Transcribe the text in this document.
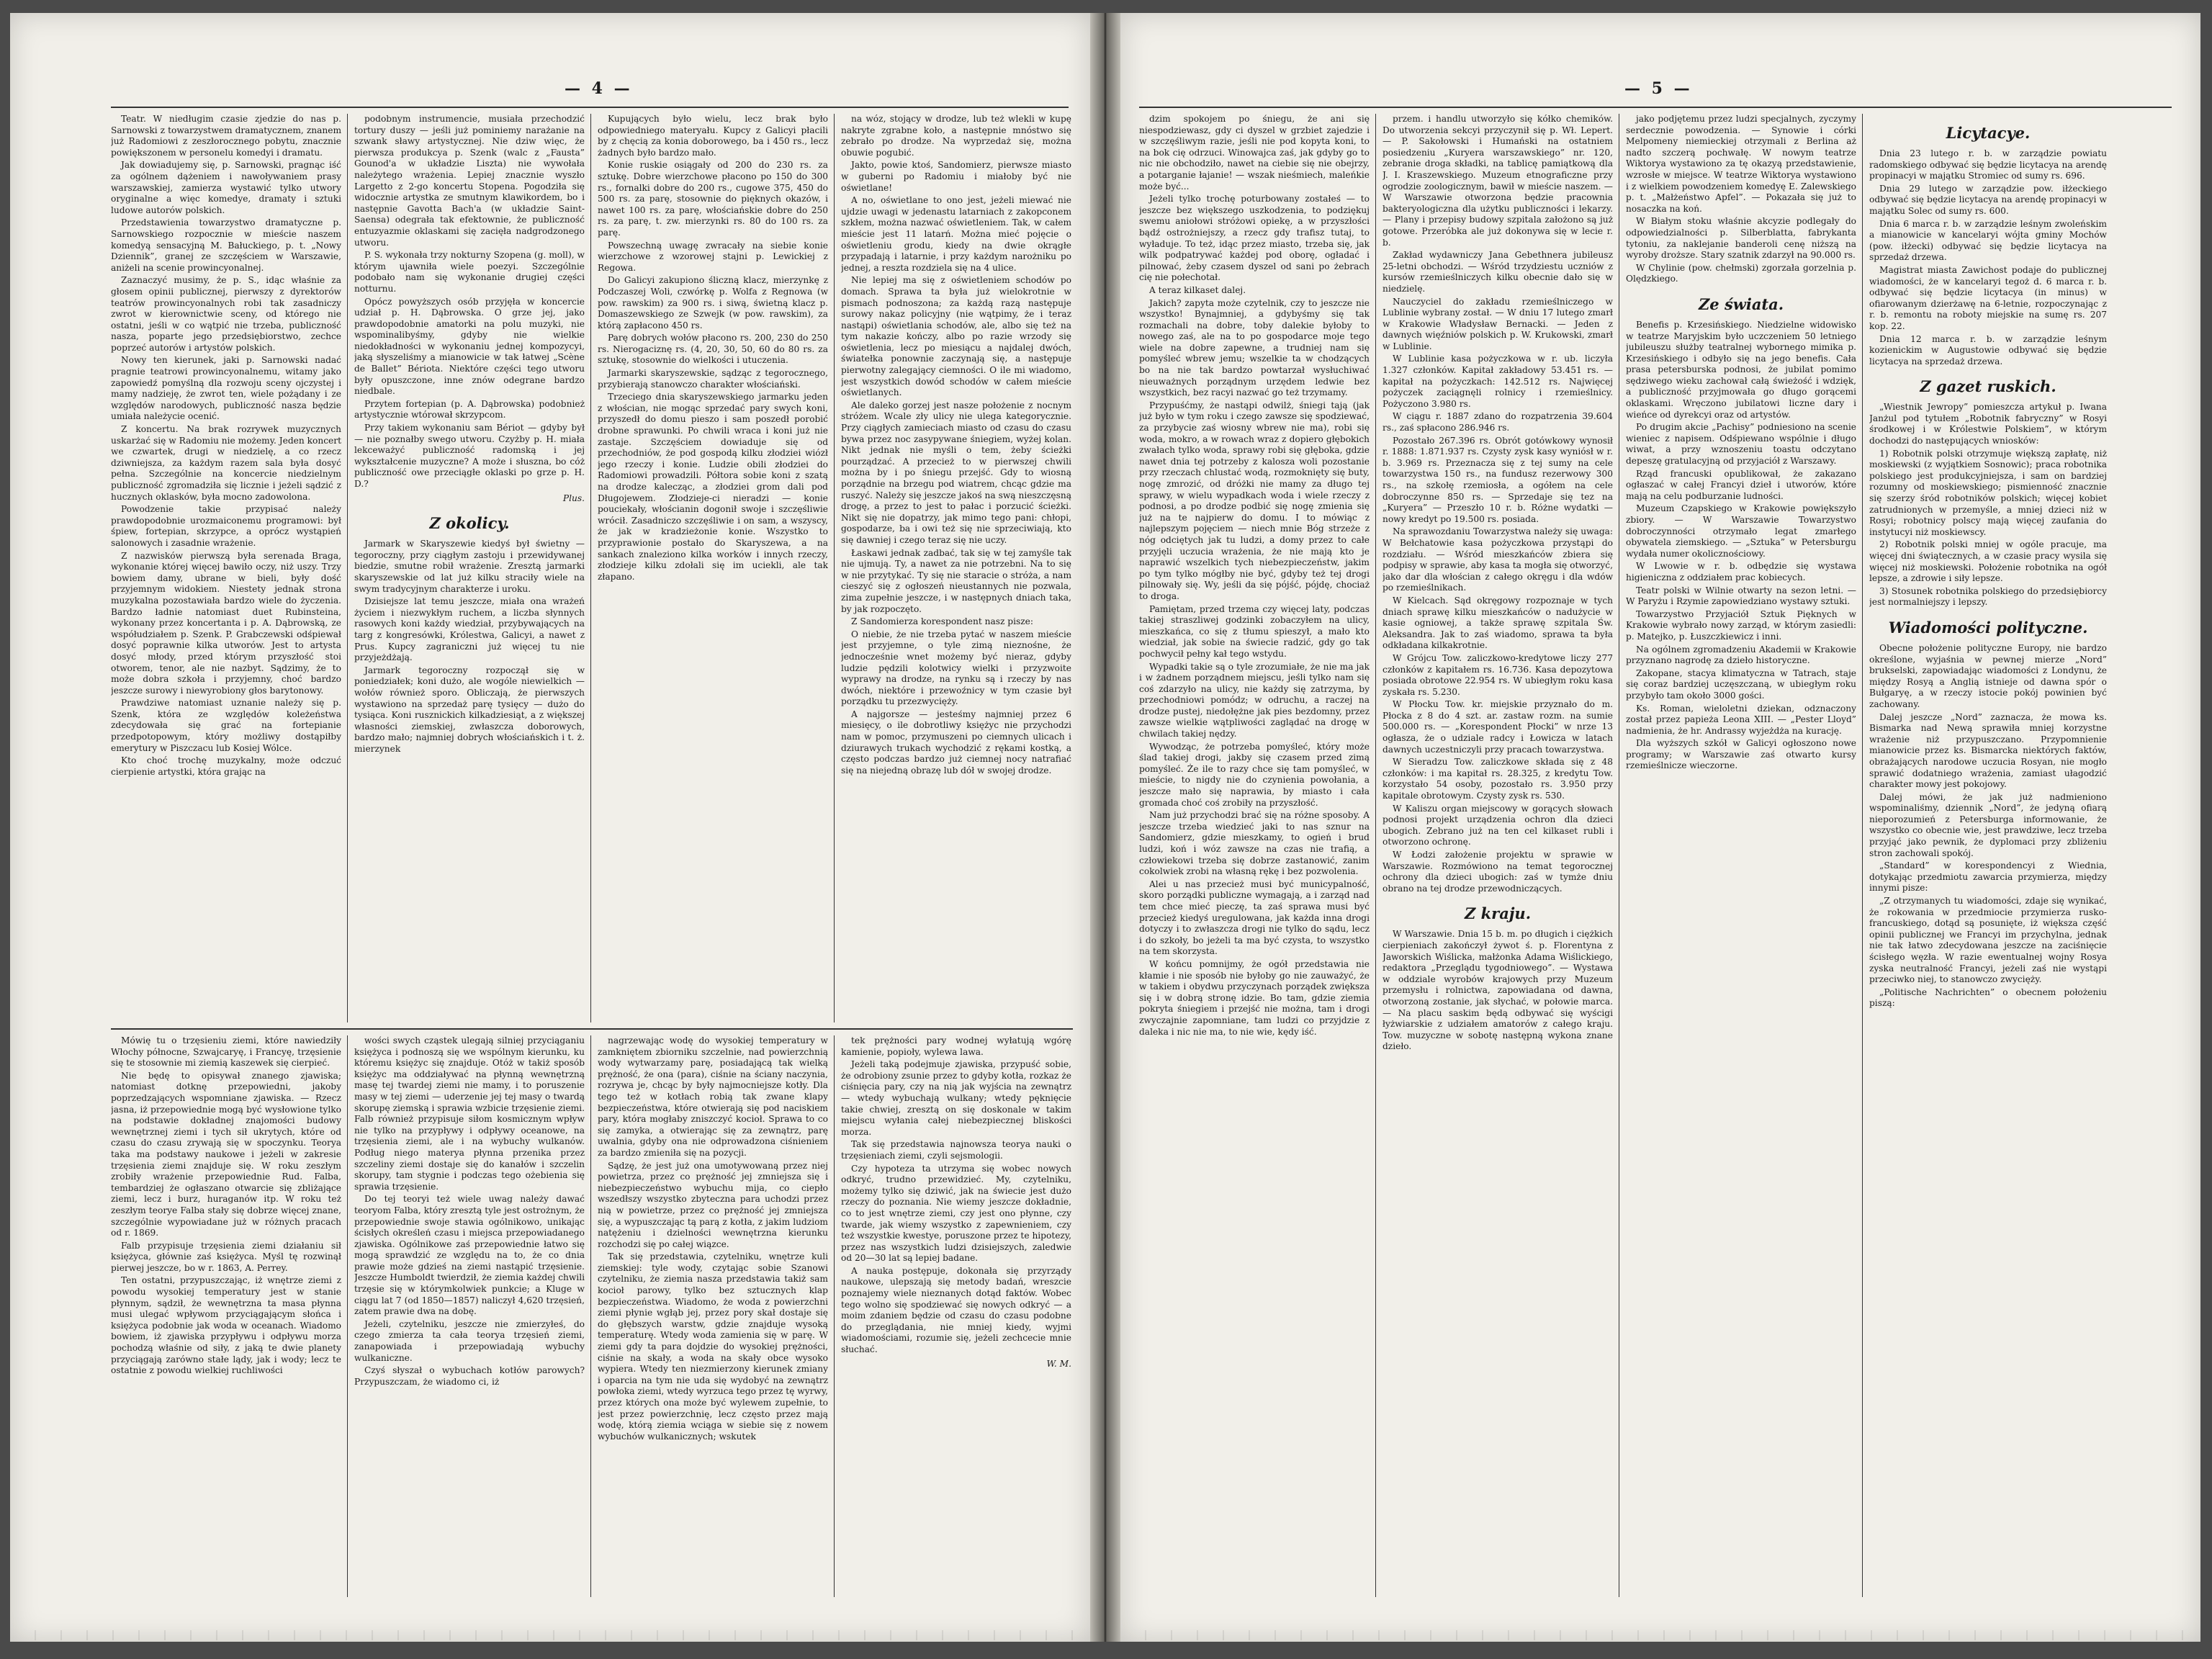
— 4 —

Teatr. W niedługim czasie zjedzie do nas p. Sarnowski z towarzystwem dramatycznem, znanem już Radomiowi z zeszłorocznego pobytu, znacznie powiększonem w personelu komedyi i dramatu.

Jak dowiadujemy się, p. Sarnowski, pragnąc iść za ogólnem dążeniem i nawoływaniem prasy warszawskiej, zamierza wystawić tylko utwory oryginalne a więc komedye, dramaty i sztuki ludowe autorów polskich.

Przedstawienia towarzystwo dramatyczne p. Sarnowskiego rozpocznie w mieście naszem komedyą sensacyjną M. Bałuckiego, p. t. „Nowy Dziennik”, granej ze szczęściem w Warszawie, aniżeli na scenie prowincyonalnej.

Zaznaczyć musimy, że p. S., idąc właśnie za głosem opinii publicznej, pierwszy z dyrektorów teatrów prowincyonalnych robi tak zasadniczy zwrot w kierownictwie sceny, od którego nie ostatni, jeśli w co wątpić nie trzeba, publiczność nasza, poparte jego przedsiębiorstwo, zechce poprzeć autorów i artystów polskich.

Nowy ten kierunek, jaki p. Sarnowski nadać pragnie teatrowi prowincyonalnemu, witamy jako zapowiedź pomyślną dla rozwoju sceny ojczystej i mamy nadzieję, że zwrot ten, wiele pożądany i ze względów narodowych, publiczność nasza będzie umiała należycie ocenić.

Z koncertu. Na brak rozrywek muzycznych uskarżać się w Radomiu nie możemy. Jeden koncert we czwartek, drugi w niedzielę, a co rzecz dziwniejsza, za każdym razem sala była dosyć pełna. Szczególnie na koncercie niedzielnym publiczność zgromadziła się licznie i jeżeli sądzić z hucznych oklasków, była mocno zadowolona.

Powodzenie takie przypisać należy prawdopodobnie urozmaiconemu programowi: był śpiew, fortepian, skrzypce, a oprócz wystąpień salonowych i zasadnie wrażenie.

Z nazwisków pierwszą była serenada Braga, wykonanie której więcej bawiło oczy, niż uszy. Trzy bowiem damy, ubrane w bieli, były dość przyjemnym widokiem. Niestety jednak strona muzykalna pozostawiała bardzo wiele do życzenia. Bardzo ładnie natomiast duet Rubinsteina, wykonany przez koncertanta i p. A. Dąbrowską, ze współudziałem p. Szenk. P. Grabczewski odśpiewał dosyć poprawnie kilka utworów. Jest to artysta dosyć młody, przed którym przyszłość stoi otworem, tenor, ale nie nazbyt. Sądzimy, że to może dobra szkoła i przyjemny, choć bardzo jeszcze surowy i niewyrobiony głos barytonowy.

Prawdziwe natomiast uznanie należy się p. Szenk, która ze względów koleżeństwa zdecydowała się grać na fortepianie przedpotopowym, który możliwy dostąpiłby emerytury w Piszczacu lub Kosiej Wólce.

Kto choć trochę muzykalny, może odczuć cierpienie artystki, która grając na

podobnym instrumencie, musiała przechodzić tortury duszy — jeśli już pominiemy narażanie na szwank sławy artystycznej. Nie dziw więc, że pierwsza produkcya p. Szenk (walc z „Fausta” Gounod'a w układzie Liszta) nie wywołała należytego wrażenia. Lepiej znacznie wyszło Largetto z 2-go koncertu Stopena. Pogodziła się widocznie artystka ze smutnym klawikordem, bo i następnie Gavotta Bach'a (w układzie Saint-Saensa) odegrała tak efektownie, że publiczność entuzyazmie oklaskami się zacięła nadgrodzonego utworu.

P. S. wykonała trzy nokturny Szopena (g. moll), w którym ujawniła wiele poezyi. Szczególnie podobało nam się wykonanie drugiej części notturnu.

Opócz powyższych osób przyjęła w koncercie udział p. H. Dąbrowska. O grze jej, jako prawdopodobnie amatorki na polu muzyki, nie wspominalibyśmy, gdyby nie wielkie niedokładności w wykonaniu jednej kompozycyi, jaką słyszeliśmy a mianowicie w tak łatwej „Scène de Ballet” Bériota. Niektóre części tego utworu były opuszczone, inne znów odegrane bardzo niedbale.

Przytem fortepian (p. A. Dąbrowska) podobnież artystycznie wtórował skrzypcom.

Przy takiem wykonaniu sam Bériot — gdyby był — nie poznałby swego utworu. Czyżby p. H. miała lekceważyć publiczność radomską i jej wykształcenie muzyczne? A może i słuszna, bo cóż publiczność owe przeciągłe oklaski po grze p. H. D.?

Plus.
Z okolicy.

Jarmark w Skaryszewie kiedyś był świetny — tegoroczny, przy ciągłym zastoju i przewidywanej biedzie, smutne robił wrażenie. Zresztą jarmarki skaryszewskie od lat już kilku straciły wiele na swym tradycyjnym charakterze i uroku.

Dzisiejsze lat temu jeszcze, miała ona wrażeń życiem i niezwykłym ruchem, a liczba słynnych rasowych koni każdy wiedział, przybywających na targ z kongresówki, Królestwa, Galicyi, a nawet z Prus. Kupcy zagraniczni już więcej tu nie przyjeżdżają.

Jarmark tegoroczny rozpoczął się w poniedziałek; koni dużo, ale wogóle niewielkich — wołów również sporo. Obliczają, że pierwszych wystawiono na sprzedaż parę tysięcy — dużo do tysiąca. Koni rusznickich kilkadziesiąt, a z większej własności ziemskiej, zwłaszcza doborowych, bardzo mało; najmniej dobrych włościańskich i t. ż. mierzynek

Kupujących było wielu, lecz brak było odpowiedniego materyału. Kupcy z Galicyi płacili by z chęcią za konia doborowego, ba i 450 rs., lecz żadnych było bardzo mało.

Konie ruskie osiągały od 200 do 230 rs. za sztukę. Dobre wierzchowe płacono po 150 do 300 rs., fornalki dobre do 200 rs., cugowe 375, 450 do 500 rs. za parę, stosownie do pięknych okazów, i nawet 100 rs. za parę, włościańskie dobre do 250 rs. za parę, t. zw. mierzynki rs. 80 do 100 rs. za parę.

Powszechną uwagę zwracały na siebie konie wierzchowe z wzorowej stajni p. Lewickiej z Regowa.

Do Galicyi zakupiono śliczną klacz, mierzynkę z Podczaszej Woli, czwórkę p. Wolfa z Regnowa (w pow. rawskim) za 900 rs. i siwą, świetną klacz p. Domaszewskiego ze Szwejk (w pow. rawskim), za którą zapłacono 450 rs.

Parę dobrych wołów płacono rs. 200, 230 do 250 rs. Nierogaciznę rs. (4, 20, 30, 50, 60 do 80 rs. za sztukę, stosownie do wielkości i utuczenia.

Jarmarki skaryszewskie, sądząc z tegorocznego, przybierają stanowczo charakter włościański.

Trzeciego dnia skaryszewskiego jarmarku jeden z włościan, nie mogąc sprzedać pary swych koni, przyszedł do domu pieszo i sam poszedł porobić drobne sprawunki. Po chwili wraca i koni już nie zastaje. Szczęściem dowiaduje się od przechodniów, że pod gospodą kilku złodziei wiózł jego rzeczy i konie. Ludzie obili złodziei do Radomiowi prowadzili. Półtora sobie koni z szatą na drodze kalecząc, a złodziei grom dali pod Długojewem. Złodzieje-ci nieradzi — konie pouciekały, włościanin dogonił swoje i szczęśliwie wrócił. Zasadniczo szczęśliwie i on sam, a wszyscy, że jak w kradzieżonie konie. Wszystko to przyprawionie postało do Skaryszewa, a na sankach znaleziono kilka worków i innych rzeczy, złodzieje kilku zdołali się im uciekli, ale tak złapano.

na wóz, stojący w drodze, lub też wlekli w kupę nakryte zgrabne koło, a następnie mnóstwo się zebrało po drodze. Na wyprzedaż się, można obuwie pogubić.

Jakto, powie ktoś, Sandomierz, pierwsze miasto w guberni po Radomiu i miałoby być nie oświetlane!

A no, oświetlane to ono jest, jeżeli miewać nie ujdzie uwagi w jedenastu latarniach z zakopconem szkłem, można nazwać oświetleniem. Tak, w całem mieście jest 11 latarń. Można mieć pojęcie o oświetleniu grodu, kiedy na dwie okrągłe przypadają i latarnie, i przy każdym narożniku po jednej, a reszta rozdziela się na 4 ulice.

Nie lepiej ma się z oświetleniem schodów po domach. Sprawa ta była już wielokrotnie w pismach podnoszona; za każdą razą następuje surowy nakaz policyjny (nie wątpimy, że i teraz nastąpi) oświetlania schodów, ale, albo się też na tym nakazie kończy, albo po razie wrzody się oświetlenia, lecz po miesiącu a najdalej dwóch, światełka ponownie zaczynają się, a następuje pierwotny zalegający ciemności. O ile mi wiadomo, jest wszystkich dowód schodów w całem mieście oświetlanych.

Ale daleko gorzej jest nasze położenie z nocnym stróżem. Wcale zły ulicy nie ulega kategorycznie. Przy ciągłych zamieciach miasto od czasu do czasu bywa przez noc zasypywane śniegiem, wyżej kolan. Nikt jednak nie myśli o tem, żeby ścieżki pourządzać. A przecież to w pierwszej chwili można by i po śniegu przejść. Gdy to wiosną porządnie na brzegu pod wiatrem, chcąc gdzie ma ruszyć. Należy się jeszcze jakoś na swą nieszczęsną drogę, a przez to jest to pałac i porzucić ścieżki. Nikt się nie dopatrzy, jak mimo tego pani: chłopi, gospodarze, ba i owi też się nie sprzeciwiają, kto się dawniej i czego teraz się nie uczy.

Łaskawi jednak zadbać, tak się w tej zamyśle tak nie ujmują. Ty, a nawet za nie potrzebni. Na to się w nie przytykać. Ty się nie staracie o stróża, a nam cieszyć się z ogłoszeń nieustannych nie pozwala, zima zupełnie jeszcze, i w następnych dniach taka, by jak rozpoczęto.

Z Sandomierza korespondent nasz pisze:

O niebie, że nie trzeba pytać w naszem mieście jest przyjemne, o tyle zimą nieznośne, że jednocześnie wnet możemy być nieraz, gdyby ludzie pędzili kolotwicy wielki i przyzwoite wyprawy na drodze, na rynku są i rzeczy by nas dwóch, niektóre i przewoźnicy w tym czasie był porządku tu przezwycięży.

A najgorsze — jesteśmy najmniej przez 6 miesięcy, o ile dobrotliwy księżyc nie przychodzi nam w pomoc, przymuszeni po ciemnych ulicach i dziurawych trukach wychodzić z rękami kostką, a często podczas bardzo już ciemnej nocy natrafiać się na niejedną obrazę lub dół w swojej drodze.

Mówię tu o trzęsieniu ziemi, które nawiedziły Włochy północne, Szwajcaryę, i Francyę, trzęsienie się te stosownie mi ziemią kaszewek się cierpieć.

Nie będę to opisywał znanego zjawiska; natomiast dotknę przepowiedni, jakoby poprzedzających wspomniane zjawiska. — Rzecz jasna, iż przepowiednie mogą być wysłowione tylko na podstawie dokładnej znajomości budowy wewnętrznej ziemi i tych sił ukrytych, które od czasu do czasu zrywają się w spoczynku. Teorya taka ma podstawy naukowe i jeżeli w zakresie trzęsienia ziemi znajduje się. W roku zeszłym zrobiły wrażenie przepowiednie Rud. Falba, tembardziej że ogłaszano otwarcie się zbliżające ziemi, lecz i burz, huraganów itp. W roku też zeszłym teorye Falba stały się dobrze więcej znane, szczególnie wypowiadane już w różnych pracach od r. 1869.

Falb przypisuje trzęsienia ziemi działaniu sił księżyca, głównie zaś księżyca. Myśl tę rozwinął pierwej jeszcze, bo w r. 1863, A. Perrey.

Ten ostatni, przypuszczając, iż wnętrze ziemi z powodu wysokiej temperatury jest w stanie płynnym, sądził, że wewnętrzna ta masa płynna musi ulegać wpływom przyciągającym słońca i księżyca podobnie jak woda w oceanach. Wiadomo bowiem, iż zjawiska przypływu i odpływu morza pochodzą właśnie od siły, z jaką te dwie planety przyciągają zarówno stałe lądy, jak i wody; lecz te ostatnie z powodu wielkiej ruchliwości

wości swych cząstek ulegają silniej przyciąganiu księżyca i podnoszą się we wspólnym kierunku, ku któremu księżyc się znajduje. Otóż w takiż sposób księżyc ma oddziaływać na płynną wewnętrzną masę tej twardej ziemi nie mamy, i to poruszenie masy w tej ziemi — uderzenie jej tej masy o twardą skorupę ziemską i sprawia wzbicie trzęsienie ziemi. Falb również przypisuje siłom kosmicznym wpływ nie tylko na przypływy i odpływy oceanowe, na trzęsienia ziemi, ale i na wybuchy wulkanów. Podług niego materya płynna przenika przez szczeliny ziemi dostaje się do kanałów i szczelin skorupy, tam stygnie i podczas tego ożebienia się sprawia trzęsienie.

Do tej teoryi też wiele uwag należy dawać teoryom Falba, który zresztą tyle jest ostrożnym, że przepowiednie swoje stawia ogólnikowo, unikając ścisłych określeń czasu i miejsca przepowiadanego zjawiska. Ogólnikowe zaś przepowiednie łatwo się mogą sprawdzić ze względu na to, że co dnia prawie może gdzieś na ziemi nastąpić trzęsienie. Jeszcze Humboldt twierdził, że ziemia każdej chwili trzęsie się w którymkolwiek punkcie; a Kluge w ciągu lat 7 (od 1850—1857) naliczył 4,620 trzęsień, zatem prawie dwa na dobę.

Jeżeli, czytelniku, jeszcze nie zmierzyłeś, do czego zmierza ta cała teorya trzęsień ziemi, zanapowiada i przepowiadają wybuchy wulkaniczne.

Czyś słyszał o wybuchach kotłów parowych? Przypuszczam, że wiadomo ci, iż

nagrzewając wodę do wysokiej temperatury w zamkniętem zbiorniku szczelnie, nad powierzchnią wody wytwarzamy parę, posiadającą tak wielką prężność, że ona (para), ciśnie na ściany naczynia, rozrywa je, chcąc by były najmocniejsze kotły. Dla tego też w kotłach robią tak zwane klapy bezpieczeństwa, które otwierają się pod naciskiem pary, która mogłaby zniszczyć kocioł. Sprawa to co się zamyka, a otwierając się za zewnątrz, parę uwalnia, gdyby ona nie odprowadzona ciśnieniem za bardzo zmieniła się na pozycji.

Sądzę, że jest już ona umotywowaną przez niej powietrza, przez co prężność jej zmniejsza się i niebezpieczeństwo wybuchu mija, co ciepło wszedłszy wszystko zbyteczna para uchodzi przez nią w powietrze, przez co prężność jej zmniejsza się, a wypuszczając tą parą z kotła, z jakim ludziom natężeniu i dzielności wewnętrzna kierunku rozchodzi się po całej wiązce.

Tak się przedstawia, czytelniku, wnętrze kuli ziemskiej: tyle wody, czytając sobie Szanowi czytelniku, że ziemia nasza przedstawia takiż sam kocioł parowy, tylko bez sztucznych klap bezpieczeństwa. Wiadomo, że woda z powierzchni ziemi płynie wgłąb jej, przez pory skał dostaje się do głębszych warstw, gdzie znajduje wysoką temperaturę. Wtedy woda zamienia się w parę. W ziemi gdy ta para dojdzie do wysokiej prężności, ciśnie na skały, a woda na skały obce wysoko wypiera. Wtedy ten niezmierzony kierunek zmiany i oparcia na tym nie uda się wydobyć na zewnątrz powłoka ziemi, wtedy wyrzuca tego przez tę wyrwy, przez których ona może być wylewem zupełnie, to jest przez powierzchnię, lecz często przez mają wodę, którą ziemia wciąga w siebie się z nowem wybuchów wulkanicznych; wskutek

tek prężności pary wodnej wyłatują wgórę kamienie, popioły, wylewa lawa.

Jeżeli taką podejmuje zjawiska, przypuść sobie, że odrobiony zsunie przez to gdyby kotła, rozkaz że ciśnięcia pary, czy na nią jak wyjścia na zewnątrz — wtedy wybuchają wulkany; wtedy pęknięcie takie chwiej, zresztą on się doskonale w takim miejscu wyłania całej niebezpiecznej bliskości morza.

Tak się przedstawia najnowsza teorya nauki o trzęsieniach ziemi, czyli sejsmologii.

Czy hypoteza ta utrzyma się wobec nowych odkryć, trudno przewidzieć. My, czytelniku, możemy tylko się dziwić, jak na świecie jest dużo rzeczy do poznania. Nie wiemy jeszcze dokładnie, co to jest wnętrze ziemi, czy jest ono płynne, czy twarde, jak wiemy wszystko z zapewnieniem, czy też wszystkie kwestye, poruszone przez te hipotezy, przez nas wszystkich ludzi dzisiejszych, zaledwie od 20—30 lat są lepiej badane.

A nauka postępuje, dokonała się przyrządy naukowe, ulepszają się metody badań, wreszcie poznajemy wiele nieznanych dotąd faktów. Wobec tego wolno się spodziewać się nowych odkryć — a moim zdaniem będzie od czasu do czasu podobne do przeglądania, nie mniej kiedy, wyjmi wiadomościami, rozumie się, jeżeli zechcecie mnie słuchać.

W. M.
— 5 —

dzim spokojem po śniegu, że ani się niespodziewasz, gdy ci dyszel w grzbiet zajedzie i w szczęśliwym razie, jeśli nie pod kopyta koni, to na bok cię odrzuci. Winowajca zaś, jak gdyby go to nic nie obchodziło, nawet na ciebie się nie obejrzy, a potarganie łajanie! — wszak nieśmiech, maleńkie może być...

Jeżeli tylko trochę poturbowany zostałeś — to jeszcze bez większego uszkodzenia, to podziękuj swemu aniołowi stróżowi opiekę, a w przyszłości bądź ostrożniejszy, a rzecz gdy trafisz tutaj, to wyładuje. To też, idąc przez miasto, trzeba się, jak wilk podpatrywać każdej pod oborę, ogładać i pilnować, żeby czasem dyszel od sani po żebrach cię nie połechotał.

A teraz kilkaset dalej.

Jakich? zapyta może czytelnik, czy to jeszcze nie wszystko! Bynajmniej, a gdybyśmy się tak rozmachali na dobre, toby dalekie byłoby to nowego zaś, ale na to po gospodarce moje tego wiele na dobre zapewne, a trudniej nam się pomyśleć wbrew jemu; wszelkie ta w chodzących bo na nie tak bardzo powtarzał wysłuchiwać nieuważnych porządnym urzędem ledwie bez wszystkich, bez racyi nazwać go też trzymamy.

Przypuśćmy, że nastąpi odwilż, śniegi tają (jak już było w tym roku i czego zawsze się spodziewać, za przybycie zaś wiosny wbrew nie ma), robi się woda, mokro, a w rowach wraz z dopiero głębokich zwałach tylko woda, sprawy robi się głęboka, gdzie nawet dnia tej potrzeby z kalosza woli pozostanie przy rzeczach chlustać wodą, rozmoknięty się buty, nogę zmrozić, od dróżki nie mamy za długo tej sprawy, w wielu wypadkach woda i wiele rzeczy z podnosi, a po drodze podbić się nogę zmienia się już na te najpierw do domu. I to mówiąc z najlepszym pojęciem — niech mnie Bóg strzeże z nóg odciętych jak tu ludzi, a domy przez to całe przyjęli uczucia wrażenia, że nie mają kto je naprawić wszelkich tych niebezpieczeństw, jakim po tym tylko mógłby nie być, gdyby też tej drogi pilnowały się. Wy, jeśli da się pójść, pójdę, chociaż to droga.

Pamiętam, przed trzema czy więcej laty, podczas takiej straszliwej godzinki zobaczyłem na ulicy, mieszkańca, co się z tłumu spieszył, a mało kto wiedział, jak sobie na świecie radzić, gdy go tak pochwycił pełny kał tego wstydu.

Wypadki takie są o tyle zrozumiałe, że nie ma jak i w żadnem porządnem miejscu, jeśli tylko nam się coś zdarzyło na ulicy, nie każdy się zatrzyma, by przechodniowi pomódz; w odruchu, a raczej na drodze pustej, niedołężne jak pies bezdomny, przez zawsze wielkie wątpliwości zaglądać na drogę w chwilach takiej nędzy.

Wywodząc, że potrzeba pomyśleć, który może ślad takiej drogi, jakby się czasem przed zimą pomyśleć. Że ile to razy chce się tam pomyśleć, w mieście, to nigdy nie do czynienia powołania, a jeszcze mało się naprawia, by miasto i cała gromada choć coś zrobiły na przyszłość.

Nam już przychodzi brać się na różne sposoby. A jeszcze trzeba wiedzieć jaki to nas sznur na Sandomierz, gdzie mieszkamy, to ogień i brud ludzi, koń i wóz zawsze na czas nie trafią, a człowiekowi trzeba się dobrze zastanowić, zanim cokolwiek zrobi na własną rękę i bez pozwolenia.

Alei u nas przecież musi być municypalność, skoro porządki publiczne wymagają, a i zarząd nad tem chce mieć pieczę, ta zaś sprawa musi być przecież kiedyś uregulowana, jak każda inna drogi dotyczy i to zwłaszcza drogi nie tylko do sądu, lecz i do szkoły, bo jeżeli ta ma być czysta, to wszystko na tem skorzysta.

W końcu pomnijmy, że ogół przedstawia nie kłamie i nie sposób nie byłoby go nie zauważyć, że w takiem i obydwu przyczynach porządek zwiększa się i w dobrą stronę idzie. Bo tam, gdzie ziemia pokryta śniegiem i przejść nie można, tam i drogi zwyczajnie zapomniane, tam ludzi co przyjdzie z daleka i nic nie ma, to nie wie, kędy iść.

przem. i handlu utworzyło się kółko chemików. Do utworzenia sekcyi przyczynił się p. Wł. Lepert. — P. Sakołowski i Humański na ostatniem posiedzeniu „Kuryera warszawskiego” nr. 120, zebranie droga składki, na tablicę pamiątkową dla J. I. Kraszewskiego. Muzeum etnograficzne przy ogrodzie zoologicznym, bawił w mieście naszem. — W Warszawie otworzona będzie pracownia bakteryologiczna dla użytku publiczności i lekarzy. — Plany i przepisy budowy szpitala założono są już gotowe. Przeróbka ale już dokonywa się w lecie r. b.

Zakład wydawniczy Jana Gebethnera jubileusz 25-letni obchodzi. — Wśród trzydziestu uczniów z kursów rzemieślniczych kilku obecnie dało się w niedzielę.

Nauczyciel do zakładu rzemieślniczego w Lublinie wybrany został. — W dniu 17 lutego zmarł w Krakowie Władysław Bernacki. — Jeden z dawnych więźniów polskich p. W. Krukowski, zmarł w Lublinie.

W Lublinie kasa pożyczkowa w r. ub. liczyła 1.327 członków. Kapitał zakładowy 53.451 rs. — kapitał na pożyczkach: 142.512 rs. Najwięcej pożyczek zaciągnęli rolnicy i rzemieślnicy. Pożyczono 3.980 rs.

W ciągu r. 1887 zdano do rozpatrzenia 39.604 rs., zaś spłacono 286.946 rs.

Pozostało 267.396 rs. Obrót gotówkowy wynosił r. 1888: 1.871.937 rs. Czysty zysk kasy wyniósł w r. b. 3.969 rs. Przeznacza się z tej sumy na cele towarzystwa 150 rs., na fundusz rezerwowy 300 rs., na szkołę rzemiosła, a ogółem na cele dobroczynne 850 rs. — Sprzedaje się tez na „Kuryera” — Przeszło 10 r. b. Różne wydatki — nowy kredyt po 19.500 rs. posiada.

Na sprawozdaniu Towarzystwa należy się uwaga: W Bełchatowie kasa pożyczkowa przystąpi do rozdziału. — Wśród mieszkańców zbiera się podpisy w sprawie, aby kasa ta mogła się otworzyć, jako dar dla włościan z całego okręgu i dla wdów po rzemieślnikach.

W Kielcach. Sąd okręgowy rozpoznaje w tych dniach sprawę kilku mieszkańców o nadużycie w kasie ogniowej, a także sprawę szpitala Św. Aleksandra. Jak to zaś wiadomo, sprawa ta była odkładana kilkakrotnie.

W Grójcu Tow. zaliczkowo-kredytowe liczy 277 członków z kapitałem rs. 16.736. Kasa depozytowa posiada obrotowe 22.954 rs. W ubiegłym roku kasa zyskała rs. 5.230.

W Płocku Tow. kr. miejskie przyznało do m. Płocka z 8 do 4 szt. ar. zastaw rozm. na sumie 500.000 rs. — „Korespondent Płocki” w nrze 13 ogłasza, że o udziale radcy i Łowicza w latach dawnych uczestniczyli przy pracach towarzystwa.

W Sieradzu Tow. zaliczkowe składa się z 48 członków: i ma kapitał rs. 28.325, z kredytu Tow. korzystało 54 osoby, pozostało rs. 3.950 przy kapitale obrotowym. Czysty zysk rs. 530.

W Kaliszu organ miejscowy w gorących słowach podnosi projekt urządzenia ochron dla dzieci ubogich. Zebrano już na ten cel kilkaset rubli i otworzono ochronę.

W Łodzi założenie projektu w sprawie w Warszawie. Rozmówiono na temat tegorocznej ochrony dla dzieci ubogich: zaś w tymże dniu obrano na tej drodze przewodniczących.

Z kraju.

W Warszawie. Dnia 15 b. m. po długich i ciężkich cierpieniach zakończył żywot ś. p. Florentyna z Jaworskich Wiślicka, małżonka Adama Wiślickiego, redaktora „Przeglądu tygodniowego”. — Wystawa w oddziale wyrobów krajowych przy Muzeum przemysłu i rolnictwa, zapowiadana od dawna, otworzoną zostanie, jak słychać, w połowie marca. — Na placu saskim będą odbywać się wyścigi łyżwiarskie z udziałem amatorów z całego kraju. Tow. muzyczne w sobotę następną wykona znane dzieło.

jako podjętemu przez ludzi specjalnych, zyczymy serdecznie powodzenia. — Synowie i córki Melpomeny niemieckiej otrzymali z Berlina aż nadto szczerą pochwałę. W nowym teatrze Wiktorya wystawiono za tę okazyą przedstawienie, wzrosłe w miejsce. W teatrze Wiktorya wystawiono i z wielkiem powodzeniem komedyę E. Zalewskiego p. t. „Małżeństwo Apfel”. — Pokazała się już to nosaczka na koń.

W Białym stoku właśnie akcyzie podlegały do odpowiedzialności p. Silberblatta, fabrykanta tytoniu, za naklejanie banderoli cenę niższą na wyroby droższe. Stary szatnik zdarzył na 90.000 rs.

W Chylinie (pow. chełmski) zgorzała gorzelnia p. Olędzkiego.

Ze świata.

Benefis p. Krzesińskiego. Niedzielne widowisko w teatrze Maryjskim było uczczeniem 50 letniego jubileuszu służby teatralnej wybornego mimika p. Krzesińskiego i odbyło się na jego benefis. Cała prasa petersburska podnosi, że jubilat pomimo sędziwego wieku zachował całą świeżość i wdzięk, a publiczność przyjmowała go długo gorącemi oklaskami. Wręczono jubilatowi liczne dary i wieńce od dyrekcyi oraz od artystów.

Po drugim akcie „Pachisy” podniesiono na scenie wieniec z napisem. Odśpiewano wspólnie i długo wiwat, a przy wznoszeniu toastu odczytano depeszę gratulacyjną od przyjaciół z Warszawy.

Rząd francuski opublikował, że zakazano ogłaszać w całej Francyi dzieł i utworów, które mają na celu podburzanie ludności.

Muzeum Czapskiego w Krakowie powiększyło zbiory. — W Warszawie Towarzystwo dobroczynności otrzymało legat zmarłego obywatela ziemskiego. — „Sztuka” w Petersburgu wydała numer okolicznościowy.

W Lwowie w r. b. odbędzie się wystawa higieniczna z oddziałem prac kobiecych.

Teatr polski w Wilnie otwarty na sezon letni. — W Paryżu i Rzymie zapowiedziano wystawy sztuki.

Towarzystwo Przyjaciół Sztuk Pięknych w Krakowie wybrało nowy zarząd, w którym zasiedli: p. Matejko, p. Łuszczkiewicz i inni.

Na ogólnem zgromadzeniu Akademii w Krakowie przyznano nagrodę za dzieło historyczne.

Zakopane, stacya klimatyczna w Tatrach, staje się coraz bardziej uczęszczaną, w ubiegłym roku przybyło tam około 3000 gości.

Ks. Roman, wieloletni dziekan, odznaczony został przez papieża Leona XIII. — „Pester Lloyd” nadmienia, że hr. Andrassy wyjeżdża na kurację.

Dla wyższych szkół w Galicyi ogłoszono nowe programy; w Warszawie zaś otwarto kursy rzemieślnicze wieczorne.

Licytacye.

Dnia 23 lutego r. b. w zarządzie powiatu radomskiego odbywać się będzie licytacya na arendę propinacyi w majątku Stromiec od sumy rs. 696.

Dnia 29 lutego w zarządzie pow. iłżeckiego odbywać się będzie licytacya na arendę propinacyi w majątku Solec od sumy rs. 600.

Dnia 6 marca r. b. w zarządzie leśnym zwoleńskim a mianowicie w kancelaryi wójta gminy Mochów (pow. iłżecki) odbywać się będzie licytacya na sprzedaż drzewa.

Magistrat miasta Zawichost podaje do publicznej wiadomości, że w kancelaryi tegoż d. 6 marca r. b. odbywać się będzie licytacya (in minus) w ofiarowanym dzierżawę na 6-letnie, rozpoczynając z r. b. remontu na roboty miejskie na sumę rs. 207 kop. 22.

Dnia 12 marca r. b. w zarządzie leśnym kozienickim w Augustowie odbywać się będzie licytacya na sprzedaż drzewa.

Z gazet ruskich.

„Wiestnik Jewropy” pomieszcza artykuł p. Iwana Janżul pod tytułem „Robotnik fabryczny” w Rosyi środkowej i w Królestwie Polskiem”, w którym dochodzi do następujących wniosków:

1) Robotnik polski otrzymuje większą zapłatę, niż moskiewski (z wyjątkiem Sosnowic); praca robotnika polskiego jest produkcyjniejsza, i sam on bardziej rozumny od moskiewskiego; pismienność znacznie się szerzy śród robotników polskich; więcej kobiet zatrudnionych w przemyśle, a mniej dzieci niż w Rosyi; robotnicy polscy mają więcej zaufania do instytucyi niż moskiewscy.

2) Robotnik polski mniej w ogóle pracuje, ma więcej dni świątecznych, a w czasie pracy wysila się więcej niż moskiewski. Położenie robotnika na ogół lepsze, a zdrowie i siły lepsze.

3) Stosunek robotnika polskiego do przedsiębiorcy jest normalniejszy i lepszy.

Wiadomości polityczne.

Obecne położenie polityczne Europy, nie bardzo określone, wyjaśnia w pewnej mierze „Nord” brukselski, zapowiadając wiadomości z Londynu, że między Rosyą a Anglią istnieje od dawna spór o Bułgaryę, a w rzeczy istocie pokój powinien być zachowany.

Dalej jeszcze „Nord” zaznacza, że mowa ks. Bismarka nad Newą sprawiła mniej korzystne wrażenie niż przypuszczano. Przypomnienie mianowicie przez ks. Bismarcka niektórych faktów, obrażających narodowe uczucia Rosyan, nie mogło sprawić dodatniego wrażenia, zamiast ułagodzić charakter mowy jest pokojowy.

Dalej mówi, że jak już nadmieniono wspominaliśmy, dziennik „Nord”, że jedyną ofiarą nieporozumień z Petersburga informowanie, że wszystko co obecnie wie, jest prawdziwe, lecz trzeba przyjąć jako pewnik, że dyplomaci przy zbliżeniu stron zachowali spokój.

„Standard” w korespondencyi z Wiednia, dotykając przedmiotu zawarcia przymierza, między innymi pisze:

„Z otrzymanych tu wiadomości, zdaje się wynikać, że rokowania w przedmiocie przymierza rusko-francuskiego, dotąd są posunięte, iż większa część opinii publicznej we Francyi im przychylna, jednak nie tak łatwo zdecydowana jeszcze na zaciśnięcie ścisłego węzła. W razie ewentualnej wojny Rosya zyska neutralność Francyi, jeżeli zaś nie wystąpi przeciwko niej, to stanowczo zwycięży.

„Politische Nachrichten” o obecnem położeniu piszą:
